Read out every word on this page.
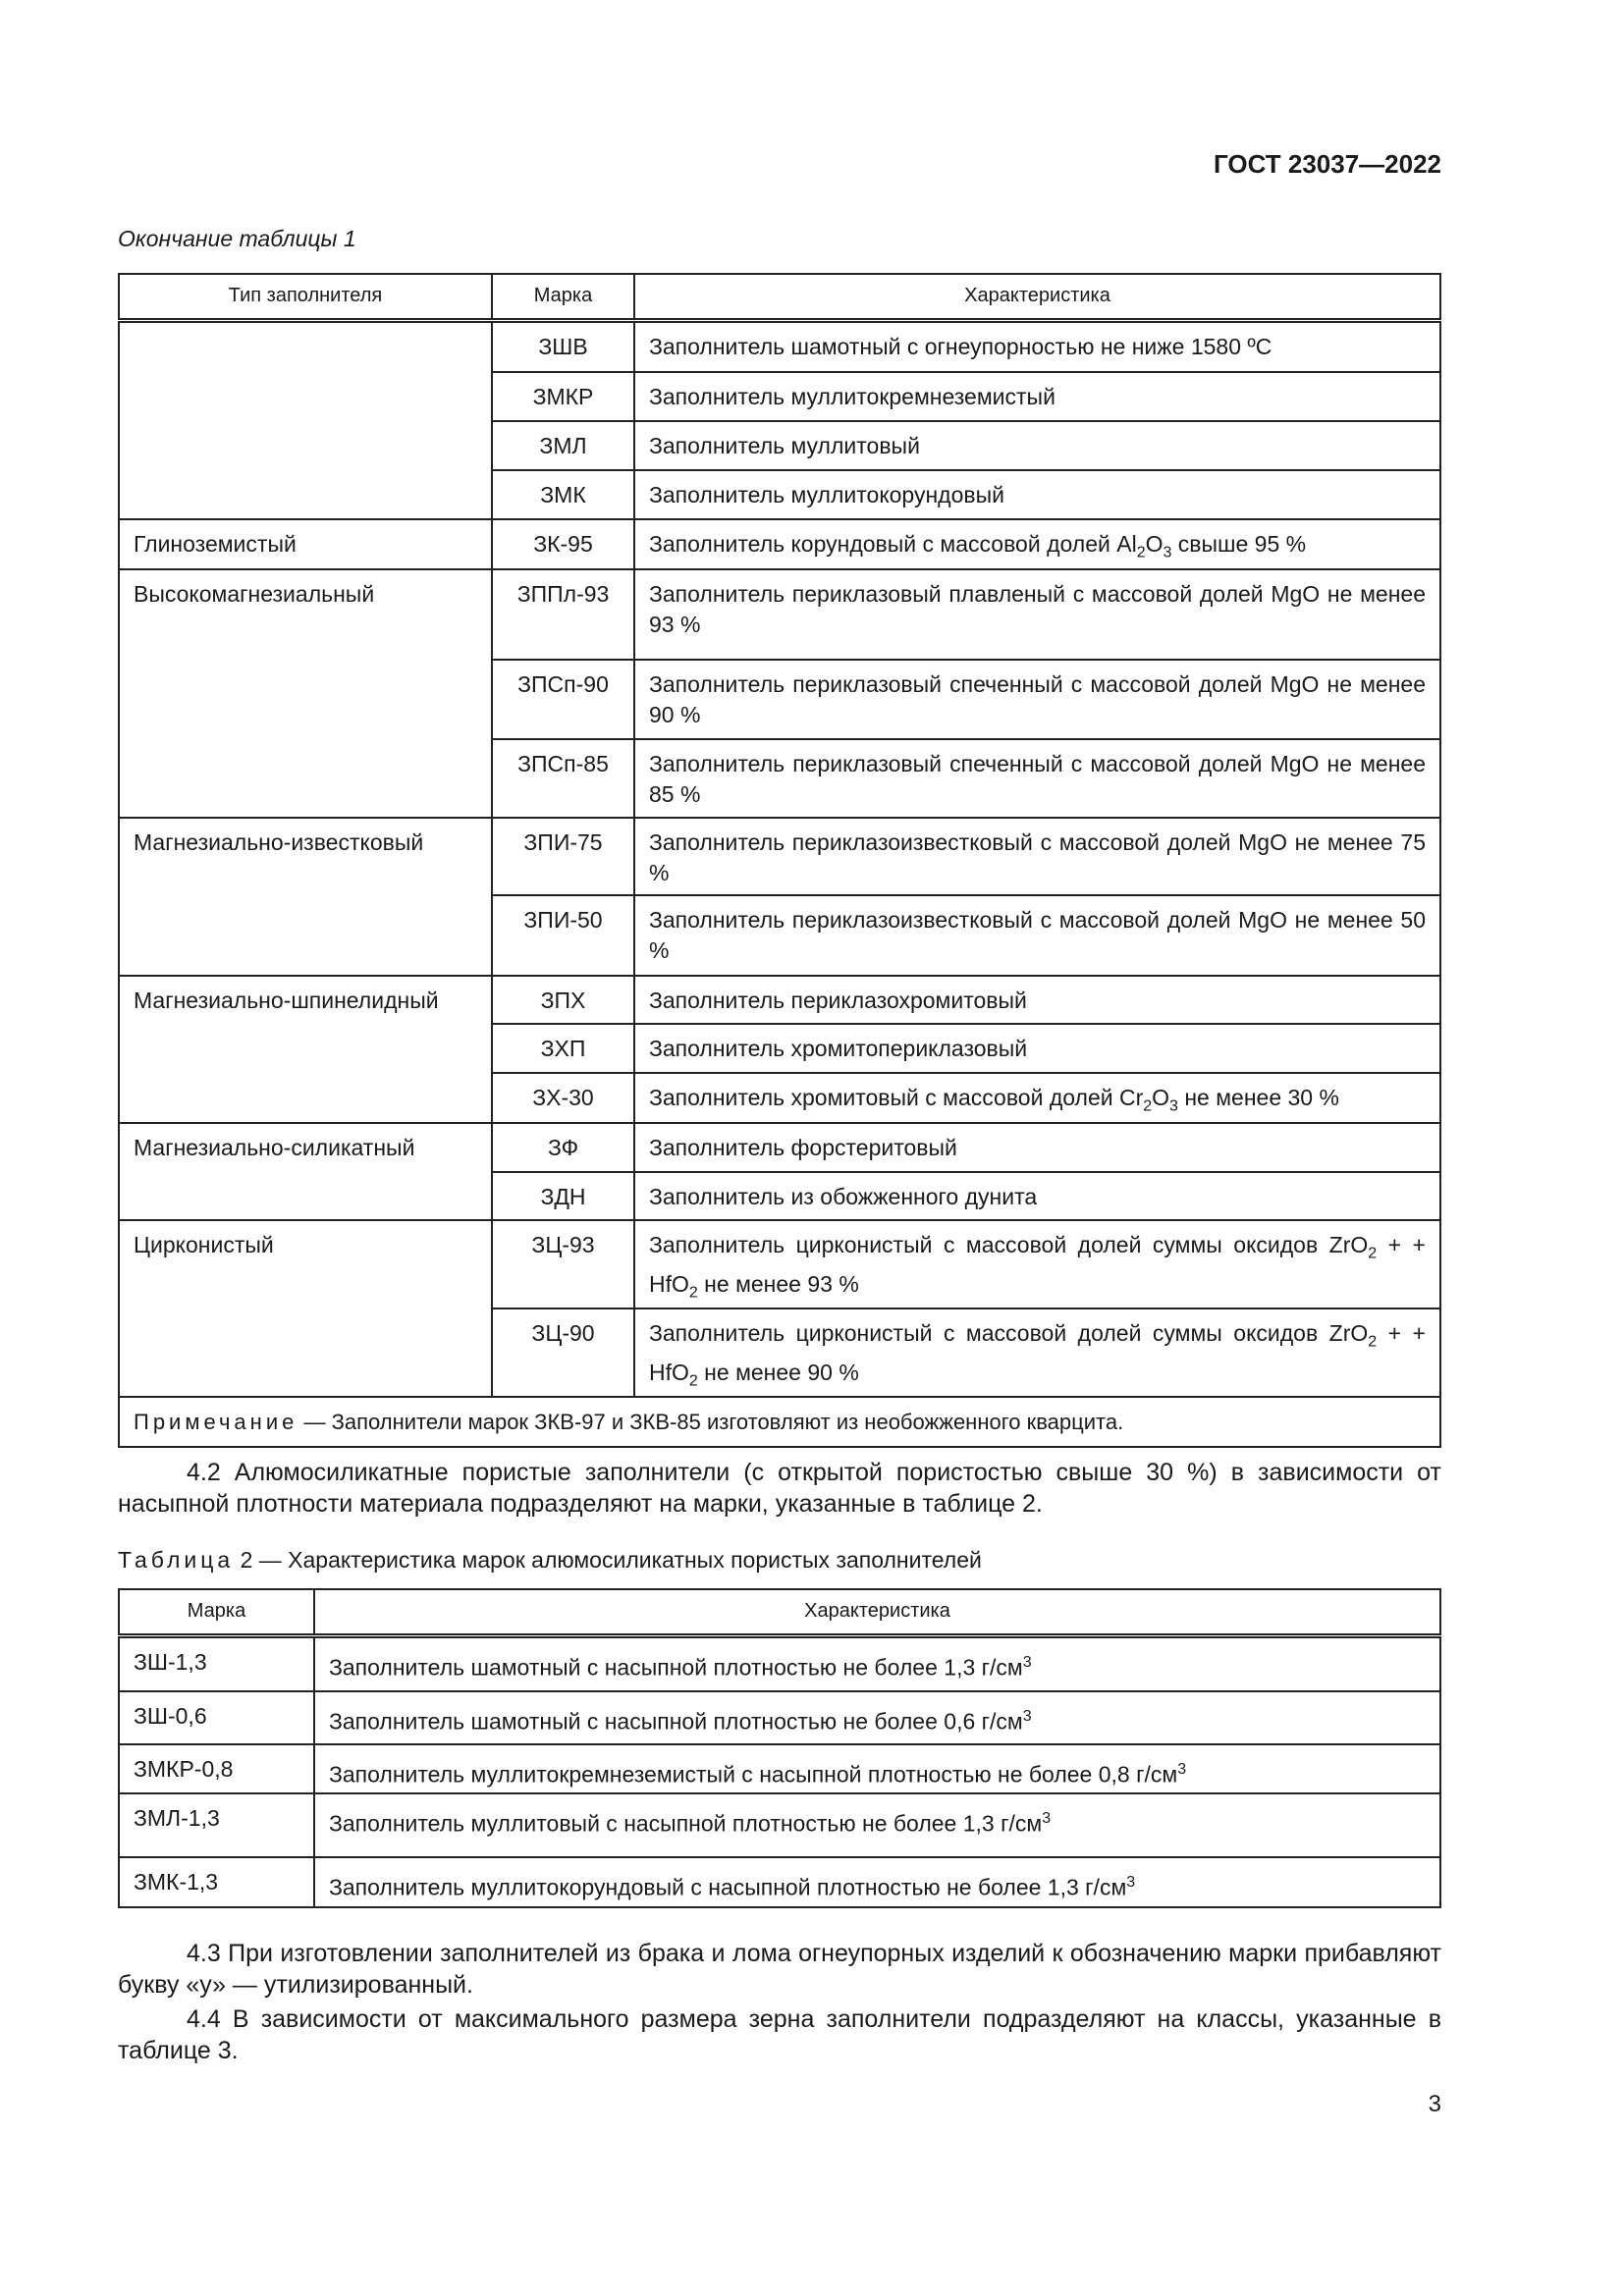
ГОСТ 23037—2022
Окончание таблицы 1
Тип заполнителя	Марка	Характеристика
	ЗШВ	Заполнитель шамотный с огнеупорностью не ниже 1580 ºС
	ЗМКР	Заполнитель муллитокремнеземистый
	ЗМЛ	Заполнитель муллитовый
	ЗМК	Заполнитель муллитокорундовый
Глиноземистый	ЗК-95	Заполнитель корундовый с массовой долей $Al_2O_3$ свыше 95 %
Высокомагнезиальный	ЗППл-93	Заполнитель периклазовый плавленый с массовой долей MgO не менее 93 %
	ЗПСп-90	Заполнитель периклазовый спеченный с массовой долей MgO не менее 90 %
	ЗПСп-85	Заполнитель периклазовый спеченный с массовой долей MgO не менее 85 %
Магнезиально-известковый	ЗПИ-75	Заполнитель периклазоизвестковый с массовой долей MgO не менее 75 %
	ЗПИ-50	Заполнитель периклазоизвестковый с массовой долей MgO не менее 50 %
Магнезиально-шпинелидный	ЗПХ	Заполнитель периклазохромитовый
	ЗХП	Заполнитель хромитопериклазовый
	ЗХ-30	Заполнитель хромитовый с массовой долей $Cr_2O_3$ не менее 30 %
Магнезиально-силикатный	ЗФ	Заполнитель форстеритовый
	ЗДН	Заполнитель из обожженного дунита
Цирконистый	ЗЦ-93	Заполнитель цирконистый с массовой долей суммы оксидов ZrO$_2$ + + HfO$_2$ не менее 93 %
	ЗЦ-90	Заполнитель цирконистый с массовой долей суммы оксидов ZrO$_2$ + + HfO$_2$ не менее 90 %
Примечание — Заполнители марок ЗКВ-97 и ЗКВ-85 изготовляют из необожженного кварцита.		
4.2 Алюмосиликатные пористые заполнители (с открытой пористостью свыше 30 %) в зависимости от насыпной плотности материала подразделяют на марки, указанные в таблице 2.
Таблица 2 — Характеристика марок алюмосиликатных пористых заполнителей
Марка	Характеристика
ЗШ-1,3	Заполнитель шамотный с насыпной плотностью не более 1,3 $г/см^3$
ЗШ-0,6	Заполнитель шамотный с насыпной плотностью не более 0,6 $г/см^3$
ЗМКР-0,8	Заполнитель муллитокремнеземистый с насыпной плотностью не более 0,8 $г/см^3$
ЗМЛ-1,3	Заполнитель муллитовый с насыпной плотностью не более 1,3 $г/см^3$
ЗМК-1,3	Заполнитель муллитокорундовый с насыпной плотностью не более 1,3 $г/см^3$
4.3 При изготовлении заполнителей из брака и лома огнеупорных изделий к обозначению марки прибавляют букву «у» — утилизированный.
4.4 В зависимости от максимального размера зерна заполнители подразделяют на классы, указанные в таблице 3.
3
